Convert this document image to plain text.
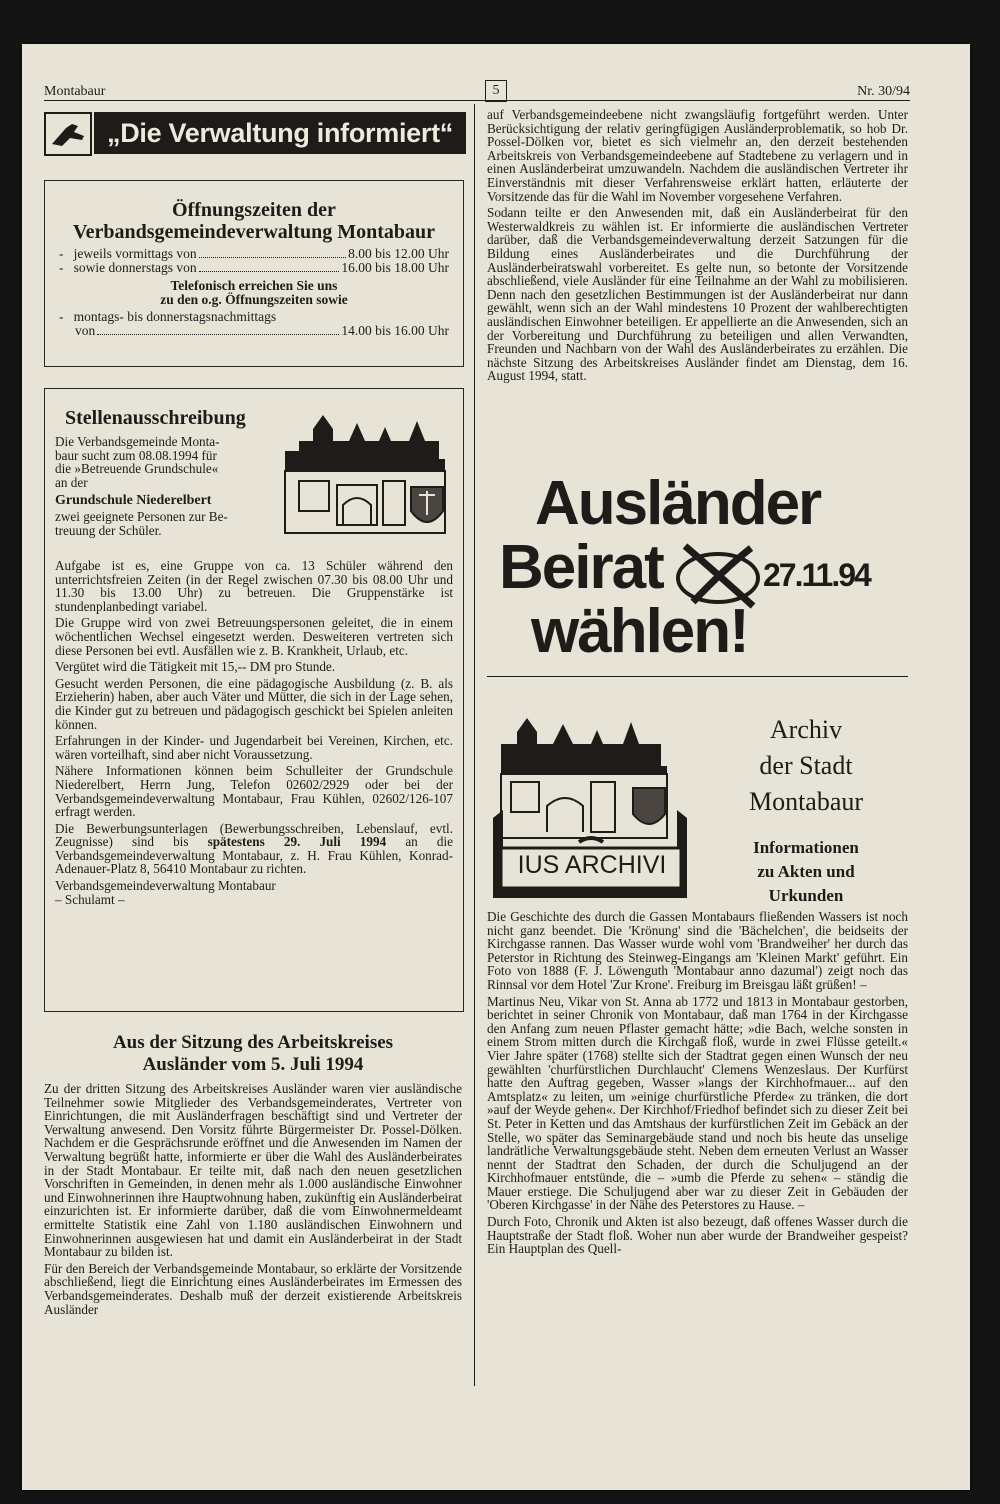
Montabaur	5	Nr. 30/94
„Die Verwaltung informiert“
Öffnungszeiten der
Verbandsgemeindeverwaltung Montabaur
- jeweils vormittags von	8.00 bis 12.00 Uhr
- sowie donnerstags von	16.00 bis 18.00 Uhr
Telefonisch erreichen Sie uns
zu den o.g. Öffnungszeiten sowie
-   montags- bis donnerstagsnachmittags
von	14.00 bis 16.00 Uhr
Stellenausschreibung
Die Verbandsgemeinde Monta-
baur sucht zum 08.08.1994 für
die »Betreuende Grundschule«
an der
Grundschule Niederelbert
zwei geeignete Personen zur Be-
treuung der Schüler.

Aufgabe ist es, eine Gruppe von ca. 13 Schüler während den unterrichtsfreien Zeiten (in der Regel zwischen 07.30 bis 08.00 Uhr und 11.30 bis 13.00 Uhr) zu betreuen. Die Gruppenstärke ist stundenplanbedingt variabel.

Die Gruppe wird von zwei Betreuungspersonen geleitet, die in einem wöchentlichen Wechsel eingesetzt werden. Desweiteren vertreten sich diese Personen bei evtl. Ausfällen wie z. B. Krankheit, Urlaub, etc.

Vergütet wird die Tätigkeit mit 15,-- DM pro Stunde.

Gesucht werden Personen, die eine pädagogische Ausbildung (z. B. als Erzieherin) haben, aber auch Väter und Mütter, die sich in der Lage sehen, die Kinder gut zu betreuen und pädagogisch geschickt bei Spielen anleiten können.

Erfahrungen in der Kinder- und Jugendarbeit bei Vereinen, Kirchen, etc. wären vorteilhaft, sind aber nicht Voraussetzung.

Nähere Informationen können beim Schulleiter der Grundschule Niederelbert, Herrn Jung, Telefon 02602/2929 oder bei der Verbandsgemeindeverwaltung Montabaur, Frau Kühlen, 02602/126-107 erfragt werden.

Die Bewerbungsunterlagen (Bewerbungsschreiben, Lebenslauf, evtl. Zeugnisse) sind bis spätestens 29. Juli 1994 an die Verbandsgemeindeverwaltung Montabaur, z. H. Frau Kühlen, Konrad-Adenauer-Platz 8, 56410 Montabaur zu richten.

Verbandsgemeindeverwaltung Montabaur
– Schulamt –
Aus der Sitzung des Arbeitskreises
Ausländer vom 5. Juli 1994

Zu der dritten Sitzung des Arbeitskreises Ausländer waren vier ausländische Teilnehmer sowie Mitglieder des Verbandsgemeinderates, Vertreter von Einrichtungen, die mit Ausländerfragen beschäftigt sind und Vertreter der Verwaltung anwesend. Den Vorsitz führte Bürgermeister Dr. Possel-Dölken. Nachdem er die Gesprächsrunde eröffnet und die Anwesenden im Namen der Verwaltung begrüßt hatte, informierte er über die Wahl des Ausländerbeirates in der Stadt Montabaur. Er teilte mit, daß nach den neuen gesetzlichen Vorschriften in Gemeinden, in denen mehr als 1.000 ausländische Einwohner und Einwohnerinnen ihre Hauptwohnung haben, zukünftig ein Ausländerbeirat einzurichten ist. Er informierte darüber, daß die vom Einwohnermeldeamt ermittelte Statistik eine Zahl von 1.180 ausländischen Einwohnern und Einwohnerinnen ausgewiesen hat und damit ein Ausländerbeirat in der Stadt Montabaur zu bilden ist.

Für den Bereich der Verbandsgemeinde Montabaur, so erklärte der Vorsitzende abschließend, liegt die Einrichtung eines Ausländerbeirates im Ermessen des Verbandsgemeinderates. Deshalb muß der derzeit existierende Arbeitskreis Ausländer

auf Verbandsgemeindeebene nicht zwangsläufig fortgeführt werden. Unter Berücksichtigung der relativ geringfügigen Ausländerproblematik, so hob Dr. Possel-Dölken vor, bietet es sich vielmehr an, den derzeit bestehenden Arbeitskreis von Verbandsgemeindeebene auf Stadtebene zu verlagern und in einen Ausländerbeirat umzuwandeln. Nachdem die ausländischen Vertreter ihr Einverständnis mit dieser Verfahrensweise erklärt hatten, erläuterte der Vorsitzende das für die Wahl im November vorgesehene Verfahren.

Sodann teilte er den Anwesenden mit, daß ein Ausländerbeirat für den Westerwaldkreis zu wählen ist. Er informierte die ausländischen Vertreter darüber, daß die Verbandsgemeindeverwaltung derzeit Satzungen für die Bildung eines Ausländerbeirates und die Durchführung der Ausländerbeiratswahl vorbereitet. Es gelte nun, so betonte der Vorsitzende abschließend, viele Ausländer für eine Teilnahme an der Wahl zu mobilisieren. Denn nach den gesetzlichen Bestimmungen ist der Ausländerbeirat nur dann gewählt, wenn sich an der Wahl mindestens 10 Prozent der wahlberechtigten ausländischen Einwohner beteiligen. Er appellierte an die Anwesenden, sich an der Vorbereitung und Durchführung zu beteiligen und allen Verwandten, Freunden und Nachbarn von der Wahl des Ausländerbeirates zu erzählen. Die nächste Sitzung des Arbeitskreises Ausländer findet am Dienstag, dem 16. August 1994, statt.

Ausländer
Beirat	27.11.94
wählen!
IUS ARCHIVI
Archiv
der Stadt
Montabaur
Informationen
zu Akten und
Urkunden

Die Geschichte des durch die Gassen Montabaurs fließenden Wassers ist noch nicht ganz beendet. Die 'Krönung' sind die 'Bächelchen', die beidseits der Kirchgasse rannen. Das Wasser wurde wohl vom 'Brandweiher' her durch das Peterstor in Richtung des Steinweg-Eingangs am 'Kleinen Markt' geführt. Ein Foto von 1888 (F. J. Löwenguth 'Montabaur anno dazumal') zeigt noch das Rinnsal vor dem Hotel 'Zur Krone'. Freiburg im Breisgau läßt grüßen! –

Martinus Neu, Vikar von St. Anna ab 1772 und 1813 in Montabaur gestorben, berichtet in seiner Chronik von Montabaur, daß man 1764 in der Kirchgasse den Anfang zum neuen Pflaster gemacht hätte; »die Bach, welche sonsten in einem Strom mitten durch die Kirchgaß floß, wurde in zwei Flüsse geteilt.« Vier Jahre später (1768) stellte sich der Stadtrat gegen einen Wunsch der neu gewählten 'churfürstlichen Durchlaucht' Clemens Wenzeslaus. Der Kurfürst hatte den Auftrag gegeben, Wasser »langs der Kirchhofmauer... auf den Amtsplatz« zu leiten, um »einige churfürstliche Pferde« zu tränken, die dort »auf der Weyde gehen«. Der Kirchhof/Friedhof befindet sich zu dieser Zeit bei St. Peter in Ketten und das Amtshaus der kurfürstlichen Zeit im Gebäck an der Stelle, wo später das Seminargebäude stand und noch bis heute das unselige landrätliche Verwaltungsgebäude steht. Neben dem erneuten Verlust an Wasser nennt der Stadtrat den Schaden, der durch die Schuljugend an der Kirchhofmauer entstünde, die – »umb die Pferde zu sehen« – ständig die Mauer erstiege. Die Schuljugend aber war zu dieser Zeit in Gebäuden der 'Oberen Kirchgasse' in der Nähe des Peterstores zu Hause. –

Durch Foto, Chronik und Akten ist also bezeugt, daß offenes Wasser durch die Hauptstraße der Stadt floß. Woher nun aber wurde der Brandweiher gespeist? Ein Hauptplan des Quell-
